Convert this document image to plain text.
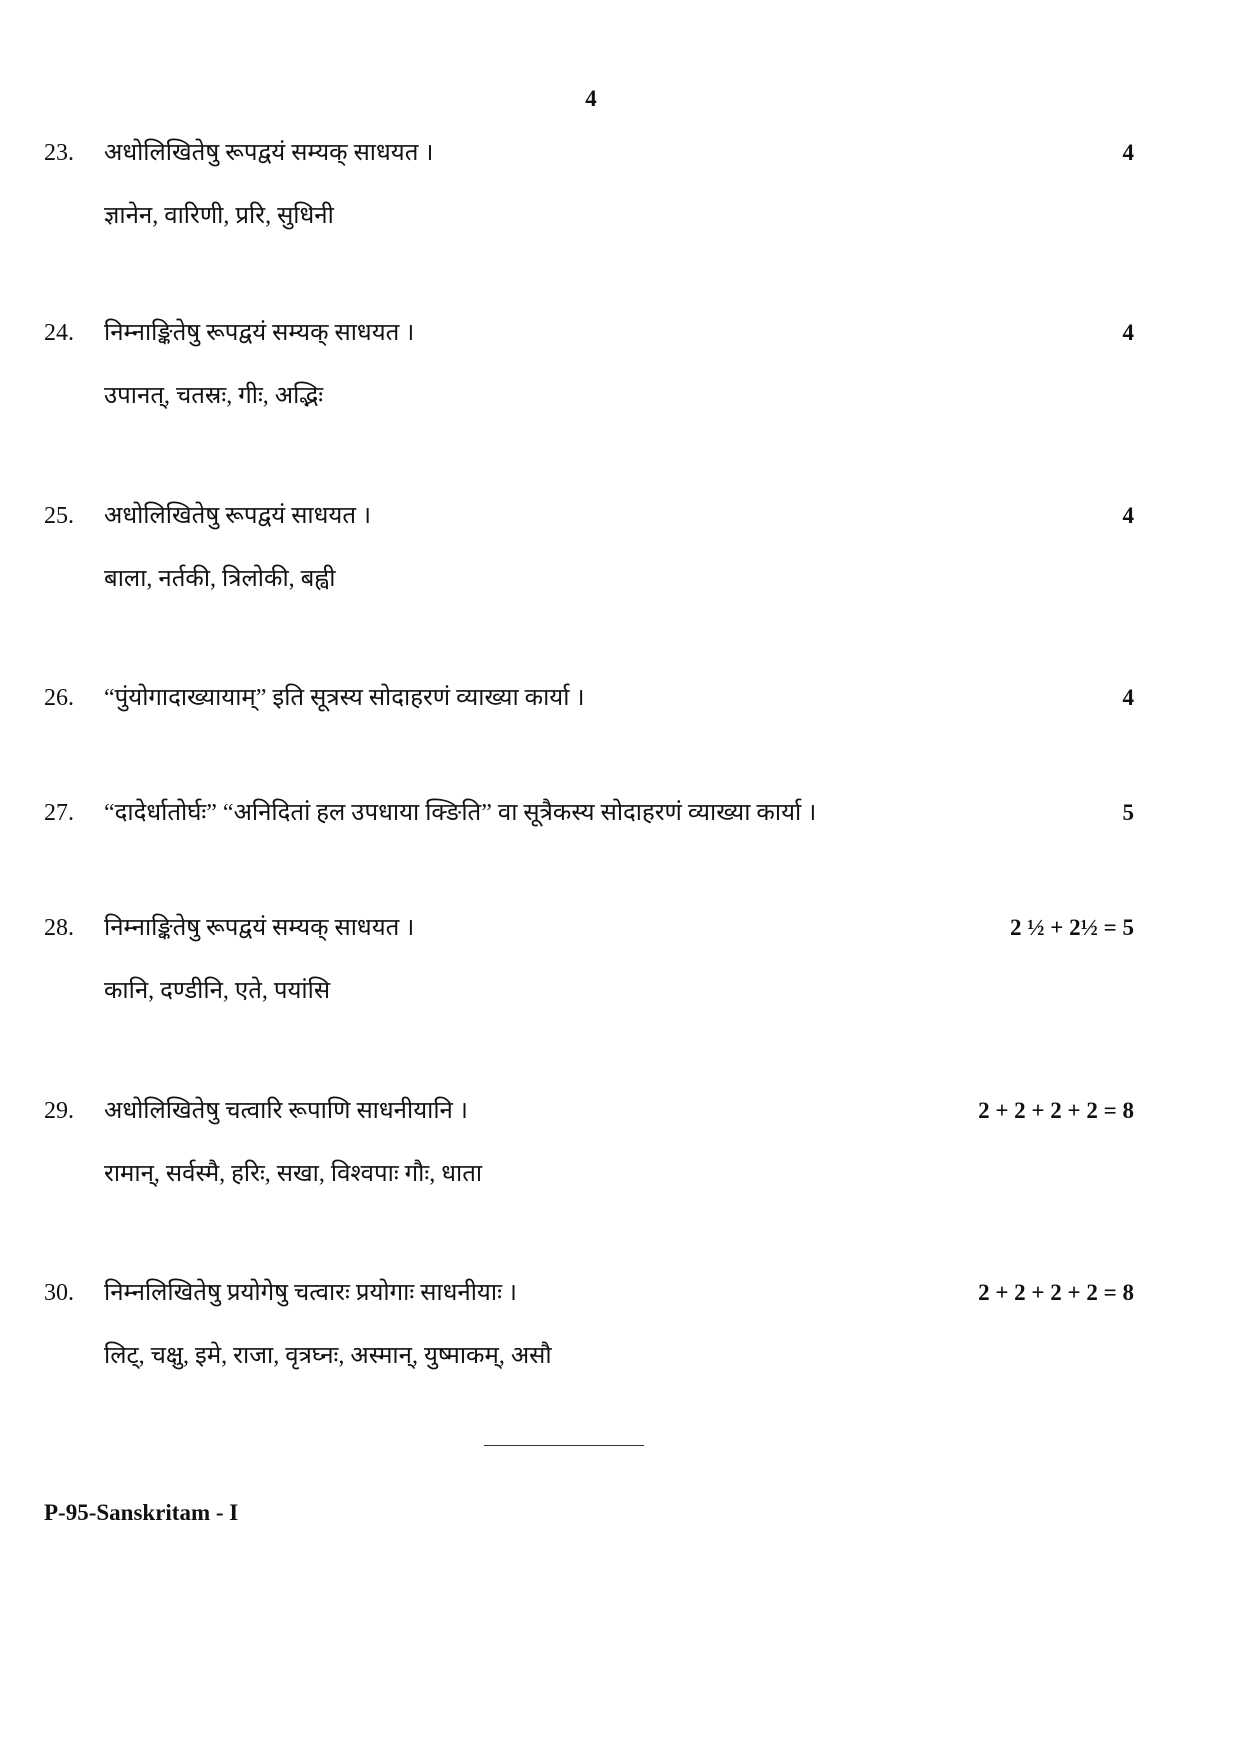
4
23.	अधोलिखितेषु रूपद्वयं सम्यक् साधयत ।	4
ज्ञानेन, वारिणी, प्ररि, सुधिनी
24.	निम्नाङ्कितेषु रूपद्वयं सम्यक् साधयत ।	4
उपानत्, चतस्रः, गीः, अद्भिः
25.	अधोलिखितेषु रूपद्वयं साधयत ।	4
बाला, नर्तकी, त्रिलोकी, बह्वी
26.	“पुंयोगादाख्यायाम्” इति सूत्रस्य सोदाहरणं व्याख्या कार्या ।	4
27.	“दादेर्धातोर्घः” “अनिदितां हल उपधाया क्ङिति” वा सूत्रैकस्य सोदाहरणं व्याख्या कार्या ।	5
28.	निम्नाङ्कितेषु रूपद्वयं सम्यक् साधयत ।	2 ½ + 2½ = 5
कानि, दण्डीनि, एते, पयांसि
29.	अधोलिखितेषु चत्वारि रूपाणि साधनीयानि ।	2 + 2 + 2 + 2 = 8
रामान्, सर्वस्मै, हरिः, सखा, विश्वपाः गौः, धाता
30.	निम्नलिखितेषु प्रयोगेषु चत्वारः प्रयोगाः साधनीयाः ।	2 + 2 + 2 + 2 = 8
लिट्, चक्षु, इमे, राजा, वृत्रघ्नः, अस्मान्, युष्माकम्, असौ
P-95-Sanskritam - I
